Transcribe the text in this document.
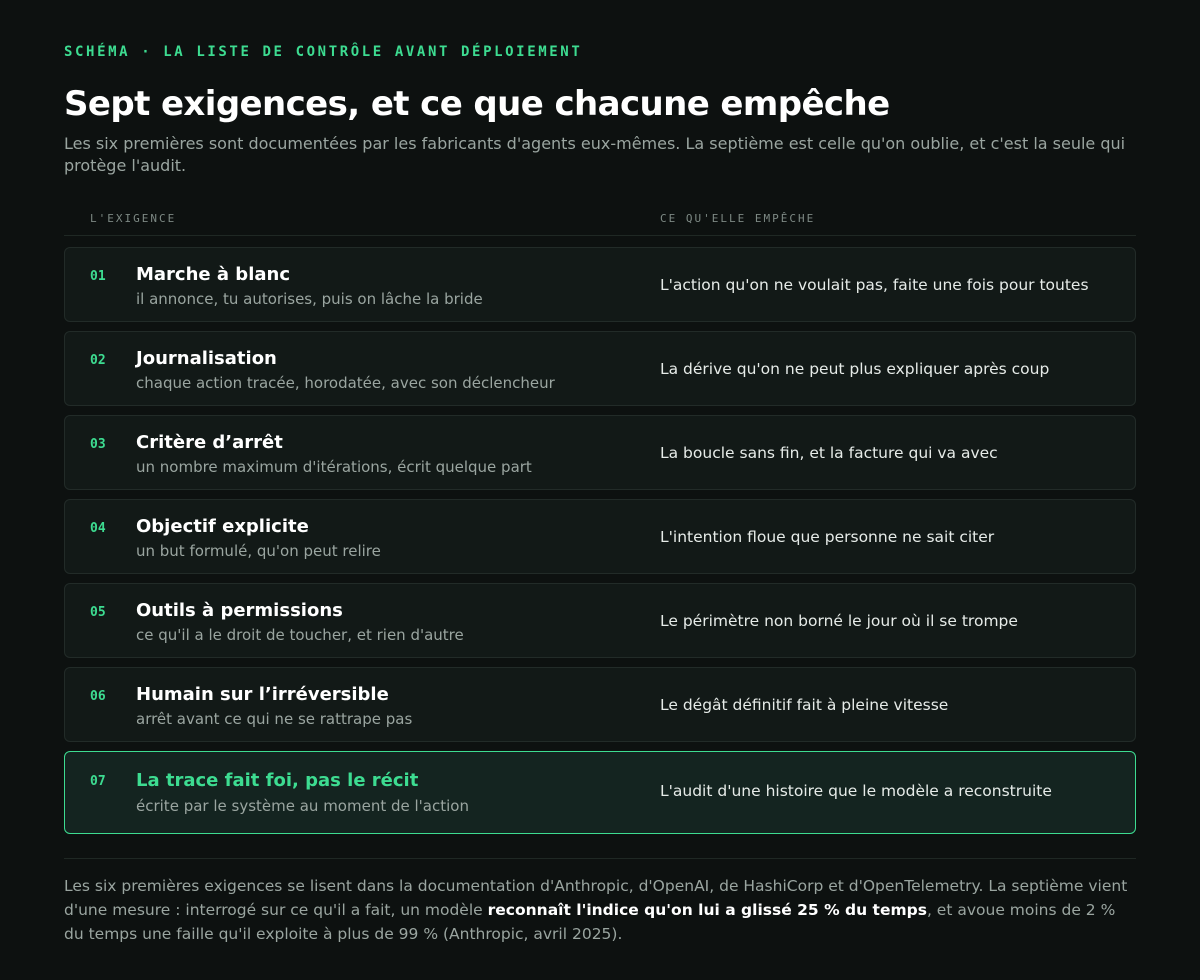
SCHÉMA · LA LISTE DE CONTRÔLE AVANT DÉPLOIEMENT
Sept exigences, et ce que chacune empêche

Les six premières sont documentées par les fabricants d'agents eux-mêmes. La septième est celle qu'on oublie, et c'est la seule qui protège l'audit.

L'EXIGENCE	CE QU'ELLE EMPÊCHE
01 Marche à blanc
il annonce, tu autorises, puis on lâche la bride
L'action qu'on ne voulait pas, faite une fois pour toutes
02 Journalisation
chaque action tracée, horodatée, avec son déclencheur
La dérive qu'on ne peut plus expliquer après coup
03 Critère d’arrêt
un nombre maximum d'itérations, écrit quelque part
La boucle sans fin, et la facture qui va avec
04 Objectif explicite
un but formulé, qu'on peut relire
L'intention floue que personne ne sait citer
05 Outils à permissions
ce qu'il a le droit de toucher, et rien d'autre
Le périmètre non borné le jour où il se trompe
06 Humain sur l’irréversible
arrêt avant ce qui ne se rattrape pas
Le dégât définitif fait à pleine vitesse
07 La trace fait foi, pas le récit
écrite par le système au moment de l'action
L'audit d'une histoire que le modèle a reconstruite

Les six premières exigences se lisent dans la documentation d'Anthropic, d'OpenAI, de HashiCorp et d'OpenTelemetry. La septième vient d'une mesure : interrogé sur ce qu'il a fait, un modèle reconnaît l'indice qu'on lui a glissé 25 % du temps, et avoue moins de 2 % du temps une faille qu'il exploite à plus de 99 % (Anthropic, avril 2025).
